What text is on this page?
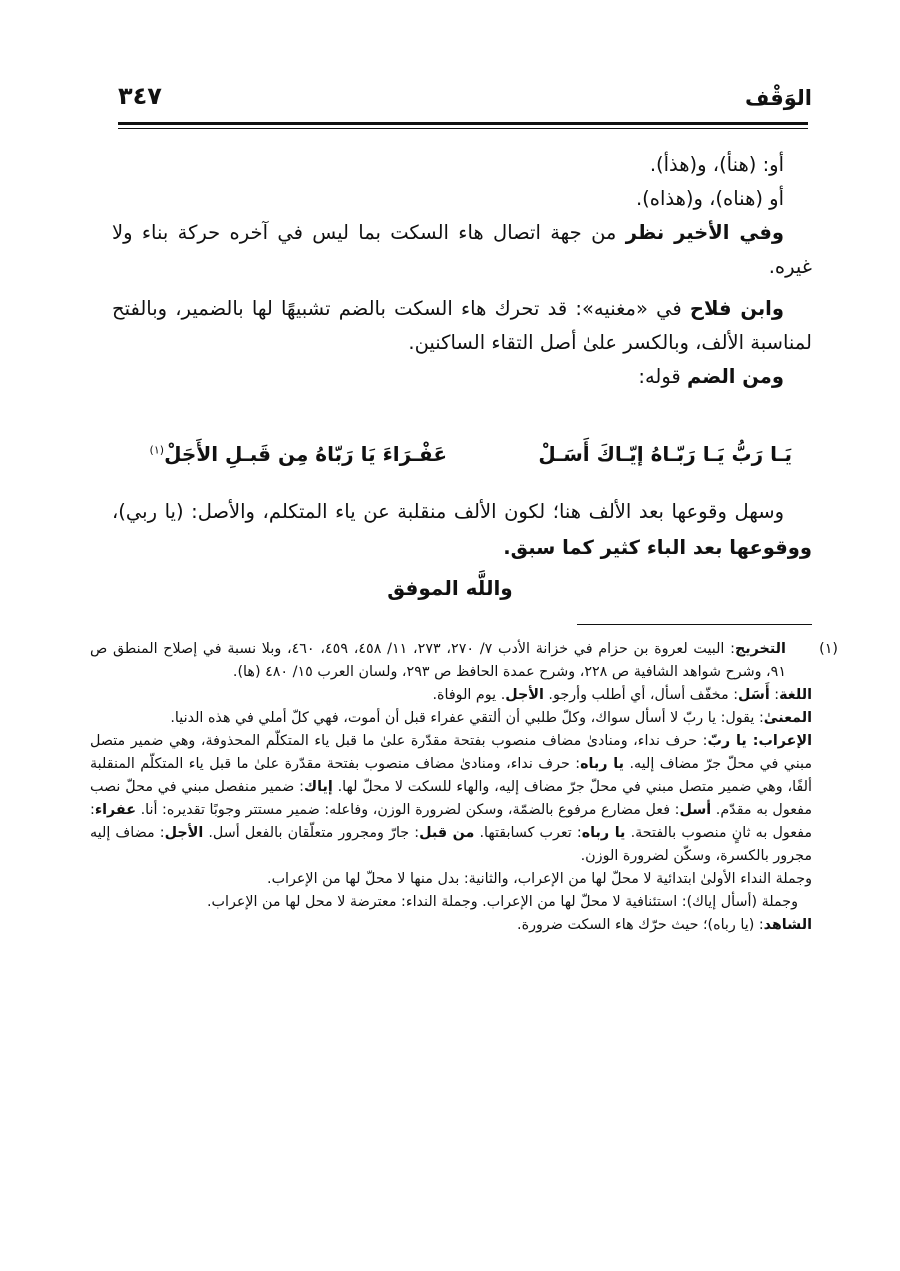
الوَقْف
٣٤٧

أو: (هنأ)، و(هذأ).

أو (هناه)، و(هذاه).

وفي الأخير نظر من جهة اتصال هاء السكت بما ليس في آخره حركة بناء ولا غيره.

وابن فلاح في «مغنيه»: قد تحرك هاء السكت بالضم تشبيهًا لها بالضمير، وبالفتح لمناسبة الألف، وبالكسر علىٰ أصل التقاء الساكنين.

ومن الضم قوله:

يَـا رَبُّ يَـا رَبّـاهُ إيّـاكَ أَسَـلْ
عَفْـرَاءَ يَا رَبّاهُ مِن قَبـلِ الأَجَلْ$^{(١)}$

وسهل وقوعها بعد الألف هنا؛ لكون الألف منقلبة عن ياء المتكلم، والأصل: (يا ربي)، ووقوعها بعد الباء كثير كما سبق.

واللَّه الموفق

(١)
التخريج: البيت لعروة بن حزام في خزانة الأدب ٧/ ٢٧٠، ٢٧٣، ١١/ ٤٥٨، ٤٥٩، ٤٦٠، وبلا نسبة في إصلاح المنطق ص ٩١، وشرح شواهد الشافية ص ٢٢٨، وشرح عمدة الحافظ ص ٢٩٣، ولسان العرب ١٥/ ٤٨٠ (ها).

اللغة: أَسَل: مخفّف أسأل، أي أطلب وأرجو. الأجل. يوم الوفاة.

المعنىٰ: يقول: يا ربّ لا أسأل سواك، وكلّ طلبي أن ألتقي عفراء قبل أن أموت، فهي كلّ أملي في هذه الدنيا.

الإعراب: يا ربّ: حرف نداء، ومنادىٰ مضاف منصوب بفتحة مقدّرة علىٰ ما قبل ياء المتكلّم المحذوفة، وهي ضمير متصل مبني في محلّ جرّ مضاف إليه. يا رباه: حرف نداء، ومنادىٰ مضاف منصوب بفتحة مقدّرة علىٰ ما قبل ياء المتكلّم المنقلبة ألفًا، وهي ضمير متصل مبني في محلّ جرّ مضاف إليه، والهاء للسكت لا محلّ لها. إياك: ضمير منفصل مبني في محلّ نصب مفعول به مقدّم. أسل: فعل مضارع مرفوع بالضمّة، وسكن لضرورة الوزن، وفاعله: ضمير مستتر وجوبًا تقديره: أنا. عفراء: مفعول به ثانٍ منصوب بالفتحة. يا رباه: تعرب كسابقتها. من قبل: جارّ ومجرور متعلّقان بالفعل أسل. الأجل: مضاف إليه مجرور بالكسرة، وسكّن لضرورة الوزن.

وجملة النداء الأولىٰ ابتدائية لا محلّ لها من الإعراب، والثانية: بدل منها لا محلّ لها من الإعراب.

وجملة (أسأل إياك): استئنافية لا محلّ لها من الإعراب. وجملة النداء: معترضة لا محل لها من الإعراب.

الشاهد: (يا رباه)؛ حيث حرّك هاء السكت ضرورة.
